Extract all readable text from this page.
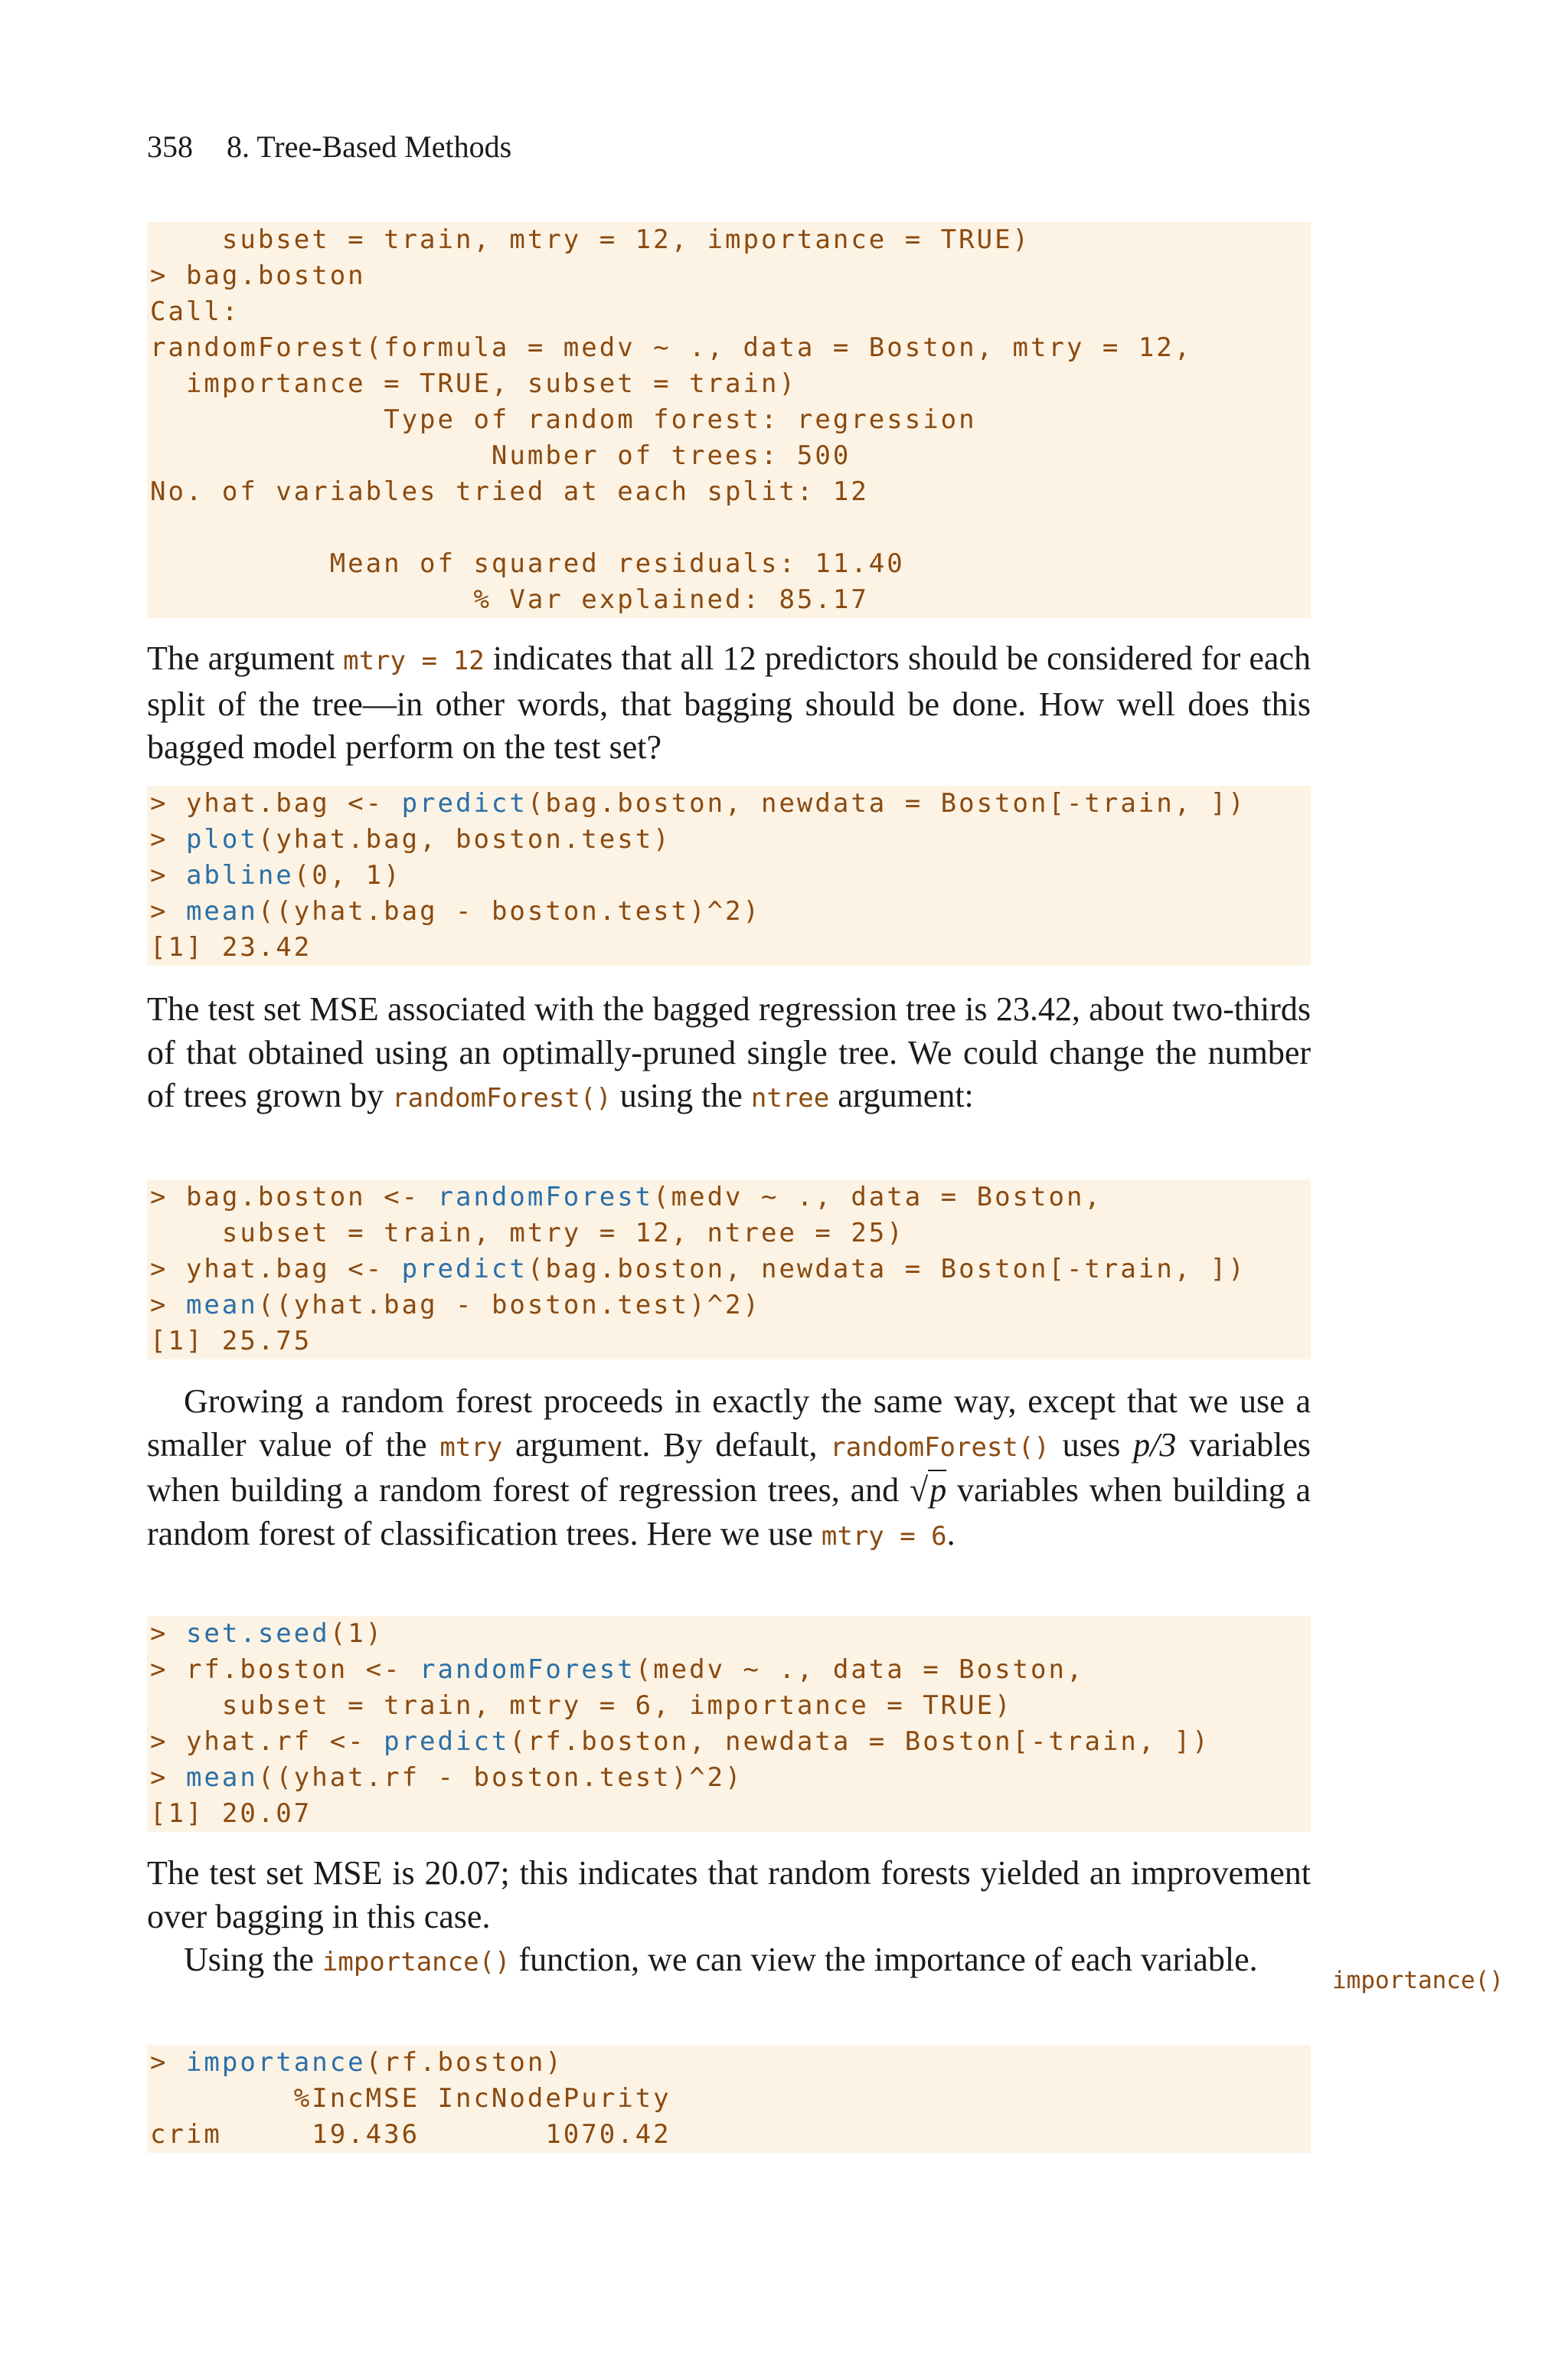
358 8. Tree-Based Methods
subset = train, mtry = 12, importance = TRUE)
> bag.boston
Call:
randomForest(formula = medv ∼ ., data = Boston, mtry = 12,
importance = TRUE, subset = train)
Type of random forest: regression
Number of trees: 500
No. of variables tried at each split: 12
Mean of squared residuals: 11.40
% Var explained: 85.17

The argument mtry = 12 indicates that all 12 predictors should be considered for each split of the tree—in other words, that bagging should be done. How well does this bagged model perform on the test set?

> yhat.bag <- predict(bag.boston, newdata = Boston[-train, ])
> plot(yhat.bag, boston.test)
> abline(0, 1)
> mean((yhat.bag - boston.test)^2)
[1] 23.42

The test set MSE associated with the bagged regression tree is 23.42, about two-thirds of that obtained using an optimally-pruned single tree. We could change the number of trees grown by randomForest() using the ntree argument:

> bag.boston <- randomForest(medv ∼ ., data = Boston,
subset = train, mtry = 12, ntree = 25)
> yhat.bag <- predict(bag.boston, newdata = Boston[-train, ])
> mean((yhat.bag - boston.test)^2)
[1] 25.75

Growing a random forest proceeds in exactly the same way, except that we use a smaller value of the mtry argument. By default, randomForest() uses p/3 variables when building a random forest of regression trees, and √p variables when building a random forest of classification trees. Here we use mtry = 6.

> set.seed(1)
> rf.boston <- randomForest(medv ∼ ., data = Boston,
subset = train, mtry = 6, importance = TRUE)
> yhat.rf <- predict(rf.boston, newdata = Boston[-train, ])
> mean((yhat.rf - boston.test)^2)
[1] 20.07

The test set MSE is 20.07; this indicates that random forests yielded an improvement over bagging in this case.

Using the importance() function, we can view the importance of each variable.

importance()
> importance(rf.boston)
%IncMSE IncNodePurity
crim     19.436       1070.42
